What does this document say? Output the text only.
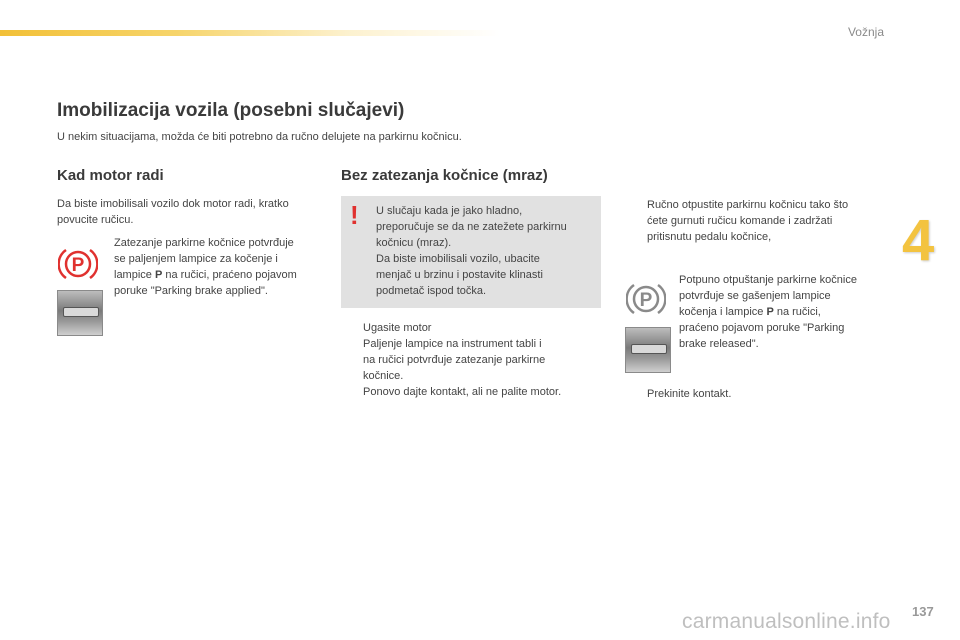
Vožnja
4
Imobilizacija vozila (posebni slučajevi)

U nekim situacijama, možda će biti potrebno da ručno delujete na parkirnu kočnicu.

Kad motor radi

Da biste imobilisali vozilo dok motor radi, kratko

povucite ručicu.

P

Zatezanje parkirne kočnice potvrđuje

se paljenjem lampice za kočenje i

lampice P na ručici, praćeno pojavom

poruke "Parking brake applied".

Bez zatezanja kočnice (mraz)
! U slučaju kada je jako hladno,

preporučuje se da ne zatežete parkirnu

kočnicu (mraz).

Da biste imobilisali vozilo, ubacite

menjač u brzinu i postavite klinasti

podmetač ispod točka.

Ugasite motor

Paljenje lampice na instrument tabli i

na ručici potvrđuje zatezanje parkirne

kočnice.

Ponovo dajte kontakt, ali ne palite motor.

Ručno otpustite parkirnu kočnicu tako što

ćete gurnuti ručicu komande i zadržati

pritisnutu pedalu kočnice,

P

Potpuno otpuštanje parkirne kočnice

potvrđuje se gašenjem lampice

kočenja i lampice P na ručici,

praćeno pojavom poruke "Parking

brake released".

Prekinite kontakt.

137
carmanualsonline.info
